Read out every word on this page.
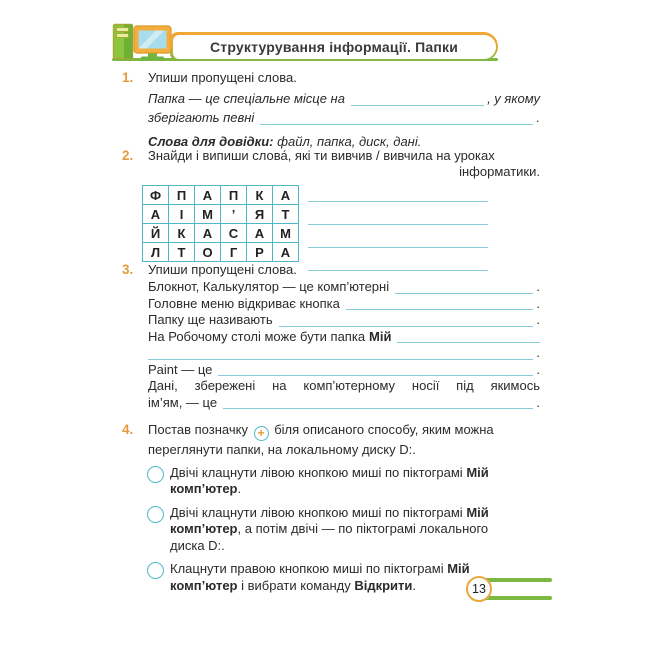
Структурування інформації. Папки
1.	Упиши пропущені слова.
Папка — це спеціальне місце на	, у якому
зберігають певні	.
Слова для довідки: файл, папка, диск, дані.
2.	Знайди і випиши слова́, які ти вивчив / вивчила на уроках
інформатики.
Ф	П	А	П	К	А
А	І	М	’	Я	Т
Й	К	А	С	А	М
Л	Т	О	Г	Р	А
3.	Упиши пропущені слова.
Блокнот, Калькулятор — це комп’ютерні	.
Головне меню відкриває кнопка	.
Папку ще називають	.
На Робочому столі може бути папка Мій
.
Paint — це	.
Дані, збережені на комп’ютерному носії під якимось
ім’ям, — це	.
4.	Постав позначку + біля описаного способу, яким можна
переглянути папки, на локальному диску D:.

Двічі клацнути лівою кнопкою миші по піктограмі Мій комп’ютер.

Двічі клацнути лівою кнопкою миші по піктограмі Мій комп’ютер, а потім двічі — по піктограмі локального диска D:.

Клацнути правою кнопкою миші по піктограмі Мій комп’ютер і вибрати команду Відкрити.	13
